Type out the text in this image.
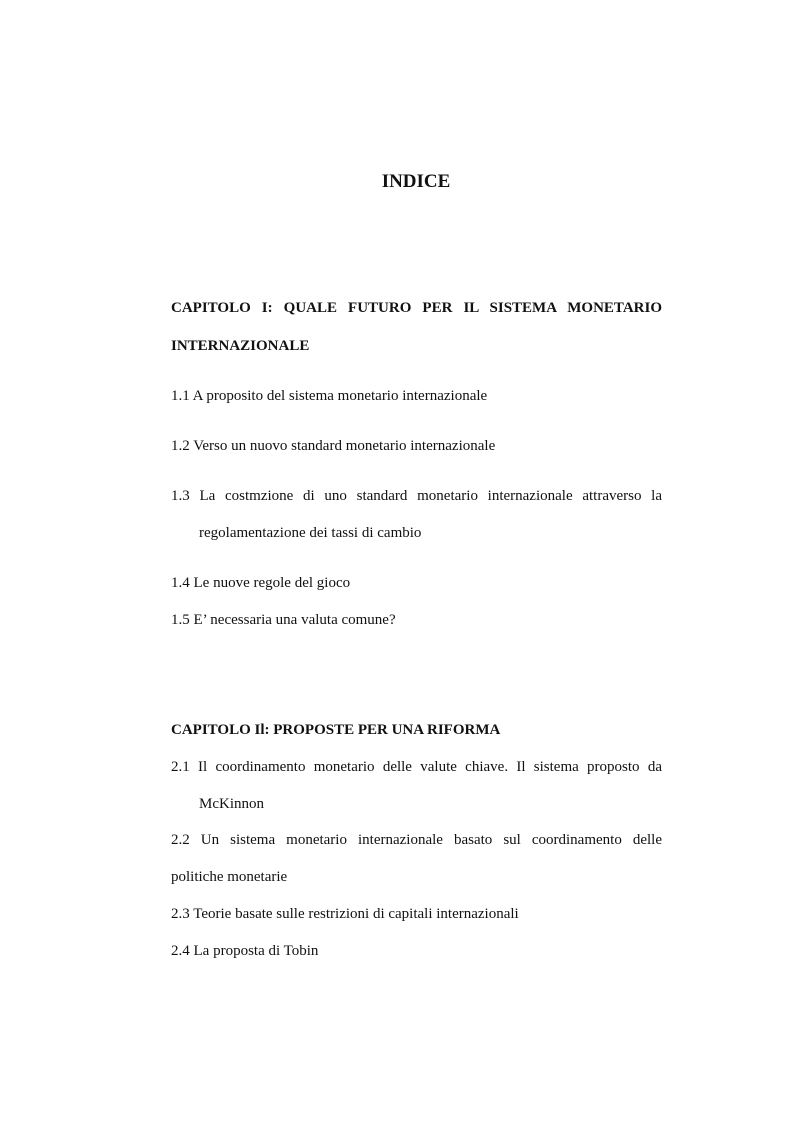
INDICE
CAPITOLO I: QUALE FUTURO PER IL SISTEMA MONETARIO
INTERNAZIONALE
1.1 A proposito del sistema monetario internazionale
1.2 Verso un nuovo standard monetario internazionale
1.3 La costmzione di uno standard monetario internazionale attraverso la
regolamentazione dei tassi di cambio
1.4 Le nuove regole del gioco
1.5 E’ necessaria una valuta comune?
CAPITOLO Il: PROPOSTE PER UNA RIFORMA
2.1 Il coordinamento monetario delle valute chiave. Il sistema proposto da
McKinnon
2.2 Un sistema monetario internazionale basato sul coordinamento delle
politiche monetarie
2.3 Teorie basate sulle restrizioni di capitali internazionali
2.4 La proposta di Tobin
